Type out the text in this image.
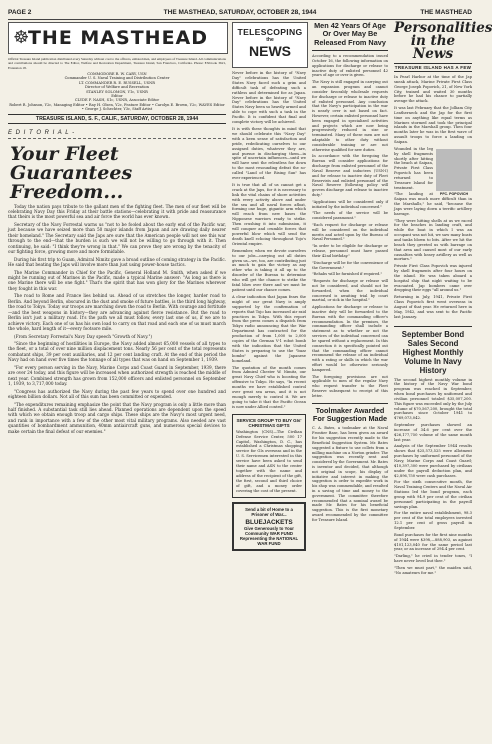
PAGE 2	THE MASTHEAD, SATURDAY, OCTOBER 28, 1944	THE MASTHEAD
☸
THE MASTHEAD

Official Treasure Island publication distributed every Saturday without cost to the officers, enlisted men, and employees of Treasure Island. All communications and contributions should be directed to The Editor, Welfare and Recreation Department, Treasure Island, San Francisco, California. Phone: EXbrook 3621, Extension 18.

COMMODORE R. W. CARY, USN
Commander U. S. Naval Training and Distribution Center
LT. COMMANDER R. E. RUSSELL, USNR
Director of Welfare and Recreation
STANLEY SOLOMON, Y1c, USNR
Editor
CLYDE F. NASH, S1c, USNR, Associate Editor
Robert R. Johnson, Y2c, Managing Editor • Ray H. Olsen, Y2c, Feature Editor • Carolyn E. Brown, Y2c, WAVES Editor • George J. Schechter, Y3c, Staff Artist
TREASURE ISLAND, S. F., CALIF., SATURDAY, OCTOBER 28, 1944
E D I T O R I A L -
Your Fleet Guarantees Freedom...

Today the nation pays tribute to the gallant men of the fighting fleet. The men of our fleet will be celebrating Navy Day this Friday at their battle stations—celebrating it with pride and reassurance that theirs is the most powerful sea and air force the world has ever known.

Secretary of the Navy Forrestal warns us "not to be fooled about the early end of the Pacific war, just because we have seized more than 50 major islands from Japan and are drawing daily nearer their homeland." The Secretary said the Japs are sure that the American people will not see this war through to the end—that the burden is such we will not be willing to go through with it. Then continuing, he said: "I think they're wrong in that." We can prove they are wrong by the tenacity of our fighting force, growing more and more formidable.

During his first trip to Guam, Admiral Nimitz gave a broad outline of coming strategy in the Pacific. He said that beating the Japs will involve more than just using power-house tactics.

The Marine Commander in Chief for the Pacific, General Holland M. Smith, when asked if we might be running out of Marines in the Pacific, made a typical Marine answer: "As long as there is one Marine there will be one fight." That's the spirit that has won glory for the Marines wherever they fought in this war.

The road to Rome and France lies behind us. Ahead of us stretches the longer, harder road to Berlin. And beyond Berlin, obscured in the dust and smoke of future battles, is the third long highway, the road to Tokyo. Today our troops are marching down the road to Berlin. With courage and fortitude—and the best weapons in history—they are advancing against fierce resistance. But the road to Berlin isn't just a military road. It's the path we all must follow, every last one of us, if we are to achieve victory. Each one of us has his own load to carry on that road and each one of us must march the whole, hard length of it—every footsore mile.

(From Secretary Forrestal's Navy Day speech "Growth of Navy.")

"Since the beginning of hostilities in Europe, the Navy added almost 65,000 vessels of all types to the fleet, or a total of over nine million displacement tons. Nearly 56 per cent of the total represents combatant ships, 39 per cent auxiliaries, and 12 per cent landing craft. At the end of this period the Navy had on hand over five times the tonnage of all types that was on hand on September 1, 1939.

"For every person serving in the Navy, Marine Corps and Coast Guard in September, 1939, there are over 24 today, and this figure will be increased when authorized strength is reached the middle of next year. Combined strength has grown from 152,000 officers and enlisted personnel on September 1, 1939, to 3,717,000 today.

"Congress has authorized the Navy during the past few years to spend over one hundred and eighteen billion dollars. Not all of this sum has been committed or expended.

"The expenditures remaining emphasize the point that the Navy program is only a little more than half finished. A substantial task still lies ahead. Planned operations are dependent upon the speed with which we obtain enough troop and cargo ships. These ships are the Navy's most urgent need, and rank in importance with a few of the other most vital military programs. Also needed are vast quantities of bombardment ammunition, 40mm antiaircraft guns, and numerous special devices to make certain the final defeat of our enemies."

TELESCOPING
the
NEWS

Never before in the history of "Navy Day" celebrations has the United States Navy faced such a grim and difficult task of defeating such a ruthless and determined foe as Japan. Never before in the history of "Navy Day" celebrations has the United States Navy been so heavily armed and able to cope with such a task in the Pacific. It is confident that final and complete victory will be achieved.

It is with these thoughts in mind that we should celebrate this "Navy Day" with a keen sense of satisfaction and pride, rededicating ourselves to our assigned duties, whatever they are, and pursue in discharging them—in spite of uncertain influences—until we will have sent the relentless foe down to the most resounding defeat the so-called "Land of the Rising Sun" has ever experienced.

It is true that all of us cannot get a crack at the Japs, for it is necessary to link the vital chains of shore activities with every activity above and under the sea and all naval forces afloat, forming one huge, gigantic arm which will reach from new bases the Nipponese warriors ready to strike. Then crushing it into submission, it will conquer and crumble forces that powerful blow which will send the death knell echoing throughout Tojo's Oriental empire.

Remember, when we devote ourselves to our jobs—carrying out all duties given us—we, too, are contributing just as much to gain the victory as any other who is taking it all up to the disorder of the Bureau to determine who will get the chance to strike the fatal blow over there and we must be patient until our chance comes.

A clear indication that Japan fears the might of our great Navy is amply supported by the confirmation of reports that Tojo has increased air raid practices in Tokyo. With this report from the press comes a dispatch from Tokyo radio announcing that the War Department has contracted for the production of from 1,000 to 2,000 copies of the German V-1 robot bomb with the indication that the United States is preparing to use the "buzz bombs" against the Japanese homeland.

The quotation of the month comes from Admiral Chester W. Nimitz, our great Navy Chief who is boosting the offensive to Tokyo. He says, "In recent months we have established control over great sea areas, and it is not enough merely to control it. We are going to take it that the Pacific Ocean is now under Allied control."

SERVICE GROUP TO BUY GIs' CHRISTMAS GIFTS
Washington (CNS)—The Civilian Defense Service Center, 500 17 Capitol, Washington, D. C., has established a Christmas shopping service for GIs overseas and in the U. S. Servicemen interested in this service have been asked to send their name and ASN to the center together with the name and address of the recipient of the gift, the first, second and third choice of gift, and a money order covering the cost of the present.
Send a bit of Home to a Prisoner of War...
BLUEJACKETS
Give Generously to Your Community WAR FUND Representing the NATIONAL WAR FUND
Men 42 Years Of Age Or Over May Be Released From Navy

According to a recommendation issued October 16, the following information on applications for discharge or release to inactive duty of enlisted personnel 42 years of age or over is given.

The Navy is still engaged in carrying out an expansion program and cannot consider favorably wholesale requests for discharge or release to inactive duty of enlisted personnel. Any conclusion that the Navy's participation in the war is nearly over is not based on fact. However, certain enlisted personnel have been engaged in specialized activities and projects which are now being progressively reduced in size or terminated. Many of these men are not adaptable to other duty without considerable training or are not otherwise qualified for new duties.

In accordance with the foregoing the Bureau will consider applications for discharge from enlisted personnel of the Naval Reserve and inductees (USN-I) and for release to inactive duty of Fleet Reservists and enlisted personnel of the Naval Reserve (following policy will govern discharge and release to inactive duty."

"Applications will be considered only if initiated by the individual concerned."

"The needs of the service will be considered paramount."

"Each request for discharge or release will be considered on the individual merits and acted upon by the Bureau of Naval Personnel."

"In order to be eligible for discharge or release, personnel must have passed their 42nd birthday."

"Discharge will be for the convenience of the Government."

"Rehabs will be furnished if required."

"Requests for discharge or release will not be considered, and should not be forwarded, when the individual concerned is awaiting trial by court martial, or sick in the hospital."

Applications for discharge or release to inactive duty will be forwarded to the Bureau with the commanding officer's recommendation. In the premises, the commanding officer shall include a statement as to whether or not the services of the individual concerned can be spared without a replacement. In this connection it is specifically pointed out that the commanding officer cannot recommend the release of an individual with a rating or skills in which the war effort would be otherwise seriously hampered.

The foregoing provisions are not applicable to men of the regular Navy who request transfer to the Fleet Reserve subsequent to receipt of this letter.

Toolmaker Awarded For Suggestion Made

C. A. Bates, a toolmaker at the Naval Frontier Base, has been given an award for his suggestion recently made to the Beneficial Suggestion System. Mr. Bates suggested a fixture to use collets from a milling machine on a Norton grinder. The suggestion was recently sent and considered by the Government. Mr. Bates is inventor and decided, that although not original in scope, his display of initiative and interest in making the suggestion is order to expedite work in his shop was commendable, and resulted in a saving of time and money to the government. The committee therefore recommended that a nominal award be made Mr. Bates for his beneficial suggestion. This is the first monetary award recommended by the committee for Treasure Island.

Personalities in the News
TREASURE ISLAND HAS A FEW

In Pearl Harbor at the time of the Jap sneak attack, Marine Private First Class George Joseph Popovich, 21, of New York City, trained and waited 30 months before he had his chance to partially avenge the attack.

It was last February that the Jolliam City Leatherneck and the Jap for the first time on anything like equal terms as Marines stormed and took the principal islands in the Marshall group. Then four months later he was in the first wave of assault troops to force a landing on Saipan.

PFC. POPOVICH

Wounded in the leg by shell fragments shortly after hitting the beach at Saipan, Private First Class Popovich has been returned to Treasure Island for treatment.

"The landing at Saipan was much more difficult than in the Marshalls," he said, "because the Japs were laying down a terrific artillery barrage.

"They were hitting shells at us we raced for the beaches in landing craft, and while the boat in which I was an occupant was not hit, we saw many boats and tanks blown to bits. After we hit the beach they greeted us with barrage on that area and caused most of our early casualties with heavy artillery as well as mortars."

Private First Class Popovich was injured by shell fragments after four hours on the island. He was taken aboard a hospital ship that night waiting to be evacuated. Jap bombers came over dropping their eggs "all around us."

Returning in July, 1941, Private First Class Popovich first went overseas in August of that year. He returned here in May, 1942, and was sent to the Pacific last January.

September Bond Sales Second Highest Monthly Volume In Navy History

The second highest monthly volume in the history of the Navy War bond program was reached in September, when bond purchases by uniformed and civilian personnel totaled $35,007,200. This figure was exceeded only by the July volume of $70,567,200, brought the total purchases since October 1941 to $769,073,042.

September purchases showed an increase of 34.6 per cent over the $26,177,750 volume of the same month last year.

Analysis of the September 1944 results shows that $25,573,525 were allotment purchases by uniformed personnel of the Navy, Marine Corps and Coast Guard; $10,397,300 were purchased by civilians under the payroll deduction plan, and $2,896,750 were cash purchases.

For the sixth consecutive month, the Naval Training Centers and the Naval Air Stations led the bond program, each group with 94.9 per cent of the civilian personnel participating in the payroll savings plan.

For the entire naval establishment, 98.3 per cent of the total employees invested 12.1 per cent of gross payroll in September.

Bond purchases for the first nine months of 1944 were $398,—888,903, as against $101,123,040 for the same period last year, or an increase of 294.4 per cent.

"Darling," he cried in tender tones, "I have never loved but thee."

"Then we must part," the maiden said, "No amateurs for me."
